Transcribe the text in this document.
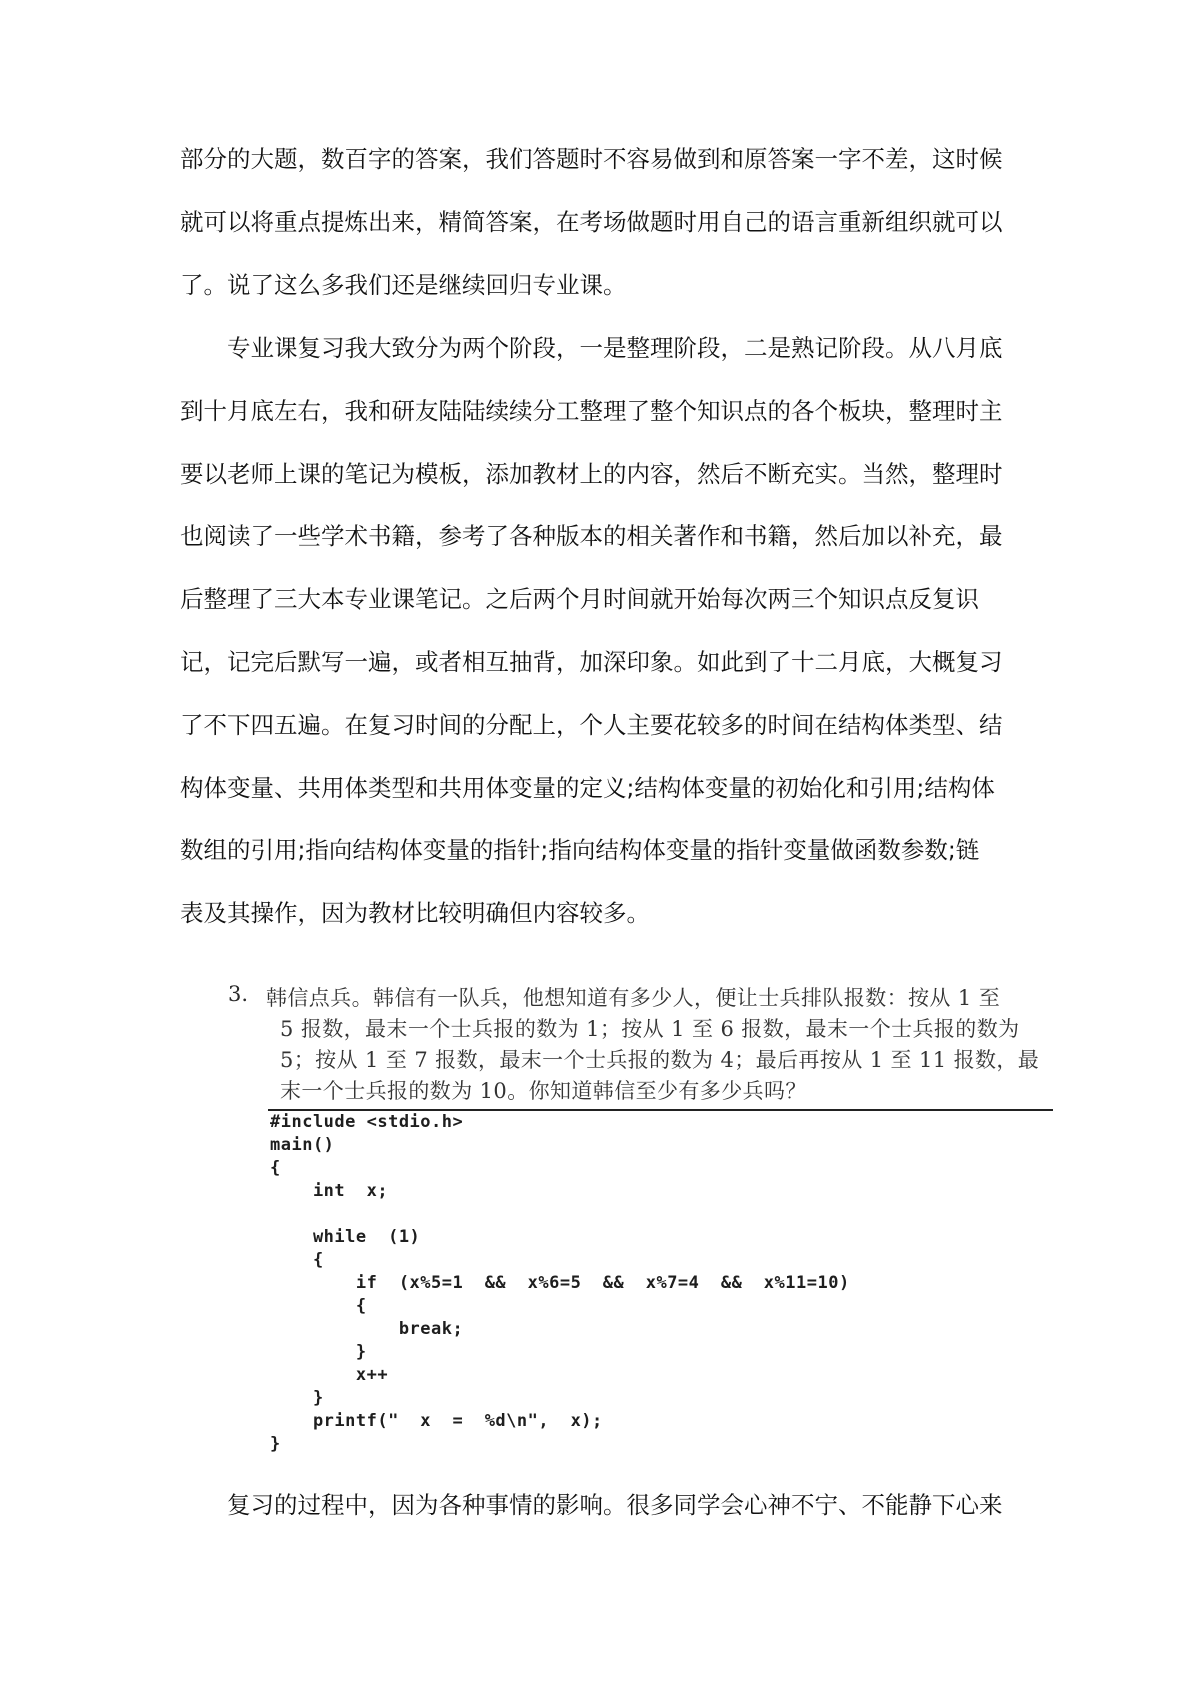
部分的大题，数百字的答案，我们答题时不容易做到和原答案一字不差，这时候
就可以将重点提炼出来，精简答案，在考场做题时用自己的语言重新组织就可以
了。说了这么多我们还是继续回归专业课。
专业课复习我大致分为两个阶段，一是整理阶段，二是熟记阶段。从八月底
到十月底左右，我和研友陆陆续续分工整理了整个知识点的各个板块，整理时主
要以老师上课的笔记为模板，添加教材上的内容，然后不断充实。当然，整理时
也阅读了一些学术书籍，参考了各种版本的相关著作和书籍，然后加以补充，最
后整理了三大本专业课笔记。之后两个月时间就开始每次两三个知识点反复识
记，记完后默写一遍，或者相互抽背，加深印象。如此到了十二月底，大概复习
了不下四五遍。在复习时间的分配上，个人主要花较多的时间在结构体类型、结
构体变量、共用体类型和共用体变量的定义;结构体变量的初始化和引用;结构体
数组的引用;指向结构体变量的指针;指向结构体变量的指针变量做函数参数;链
表及其操作，因为教材比较明确但内容较多。
3. 韩信点兵。韩信有一队兵，他想知道有多少人，便让士兵排队报数：按从 1 至
5 报数，最末一个士兵报的数为 1；按从 1 至 6 报数，最末一个士兵报的数为
5；按从 1 至 7 报数，最末一个士兵报的数为 4；最后再按从 1 至 11 报数，最
末一个士兵报的数为 10。你知道韩信至少有多少兵吗？
#include <stdio.h>
main()
{
int  x;
while  (1)
{
if  (x%5=1  &&  x%6=5  &&  x%7=4  &&  x%11=10)
{
break;
}
x++
}
printf("  x  =  %d\n",  x);
}
复习的过程中，因为各种事情的影响。很多同学会心神不宁、不能静下心来
